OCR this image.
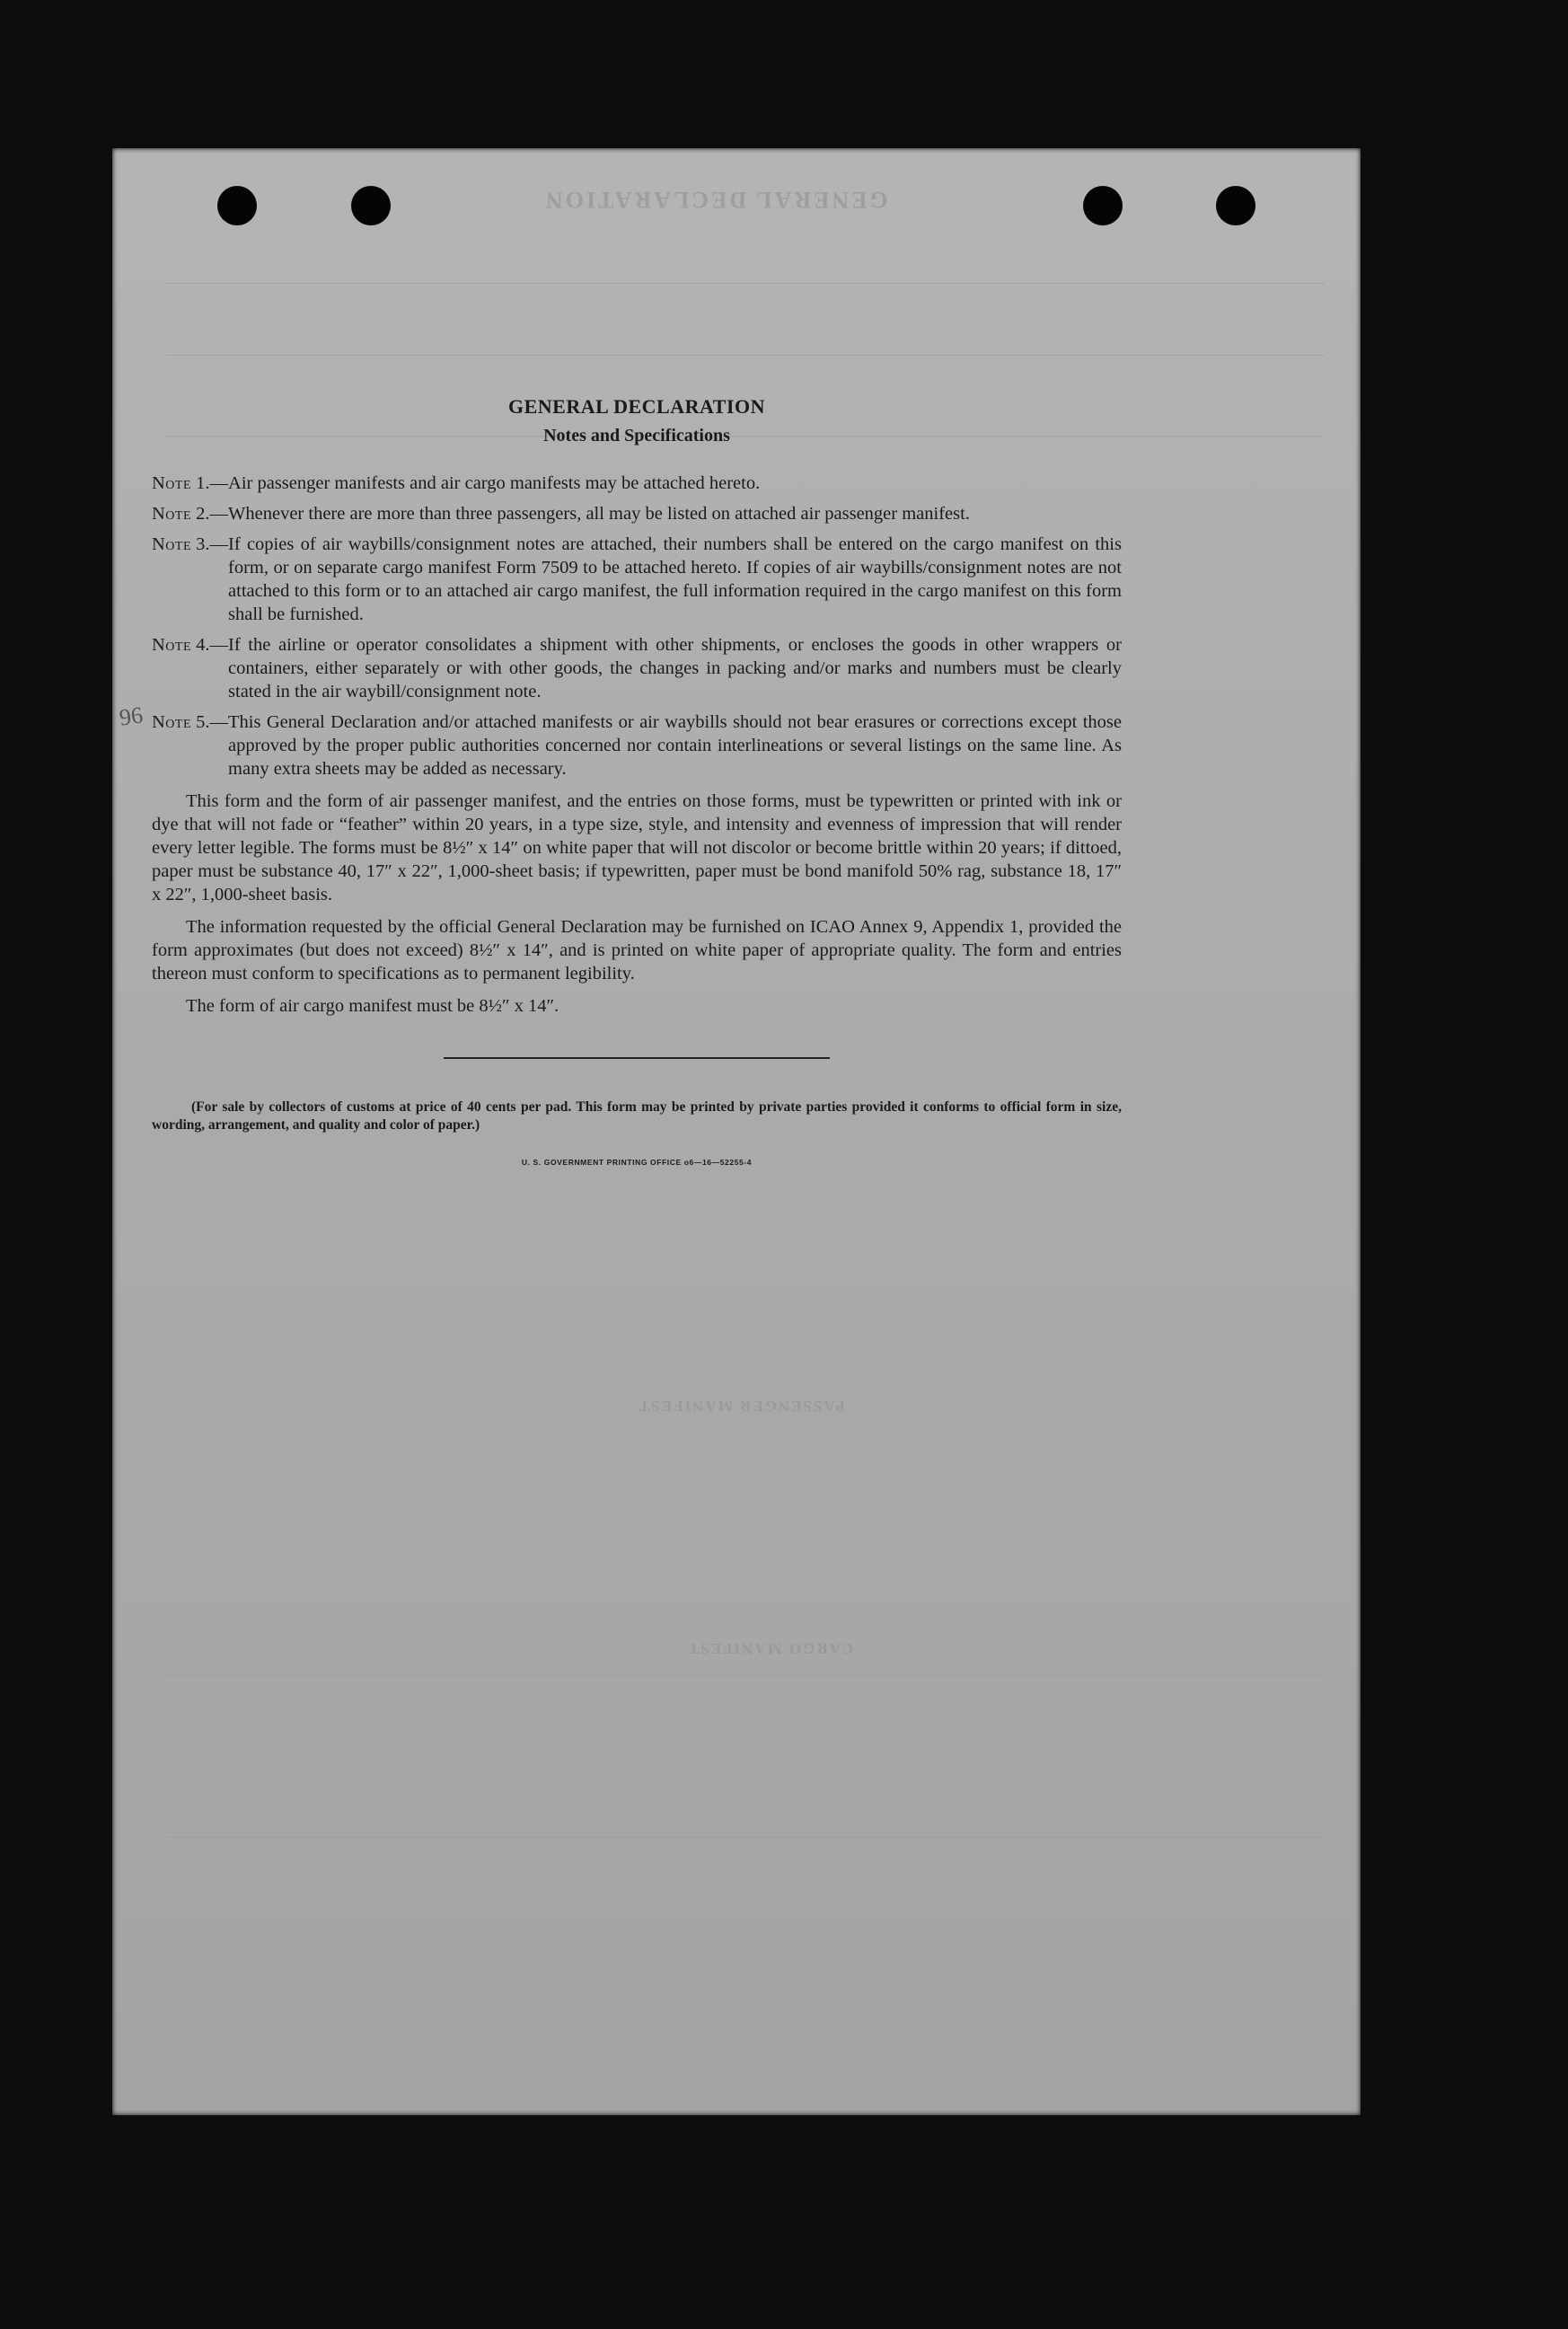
GENERAL DECLARATION
PASSENGER MANIFEST
CARGO MANIFEST
96
GENERAL DECLARATION
Notes and Specifications
Note 1.— Air passenger manifests and air cargo manifests may be attached hereto.
Note 2.— Whenever there are more than three passengers, all may be listed on attached air passenger manifest.
Note 3.— If copies of air waybills/consignment notes are attached, their numbers shall be entered on the cargo manifest on this form, or on separate cargo manifest Form 7509 to be attached hereto. If copies of air waybills/consignment notes are not attached to this form or to an attached air cargo manifest, the full information required in the cargo manifest on this form shall be furnished.
Note 4.— If the airline or operator consolidates a shipment with other shipments, or encloses the goods in other wrappers or containers, either separately or with other goods, the changes in packing and/or marks and numbers must be clearly stated in the air waybill/consignment note.
Note 5.— This General Declaration and/or attached manifests or air waybills should not bear erasures or corrections except those approved by the proper public authorities concerned nor contain interlineations or several listings on the same line. As many extra sheets may be added as necessary.

This form and the form of air passenger manifest, and the entries on those forms, must be typewritten or printed with ink or dye that will not fade or “feather” within 20 years, in a type size, style, and intensity and evenness of impression that will render every letter legible. The forms must be 8½″ x 14″ on white paper that will not discolor or become brittle within 20 years; if dittoed, paper must be substance 40, 17″ x 22″, 1,000-sheet basis; if typewritten, paper must be bond manifold 50% rag, substance 18, 17″ x 22″, 1,000-sheet basis.

The information requested by the official General Declaration may be furnished on ICAO Annex 9, Appendix 1, provided the form approximates (but does not exceed) 8½″ x 14″, and is printed on white paper of appropriate quality. The form and entries thereon must conform to specifications as to permanent legibility.

The form of air cargo manifest must be 8½″ x 14″.

(For sale by collectors of customs at price of 40 cents per pad. This form may be printed by private parties provided it conforms to official form in size, wording, arrangement, and quality and color of paper.)
U. S. GOVERNMENT PRINTING OFFICE o6—16—52255-4
